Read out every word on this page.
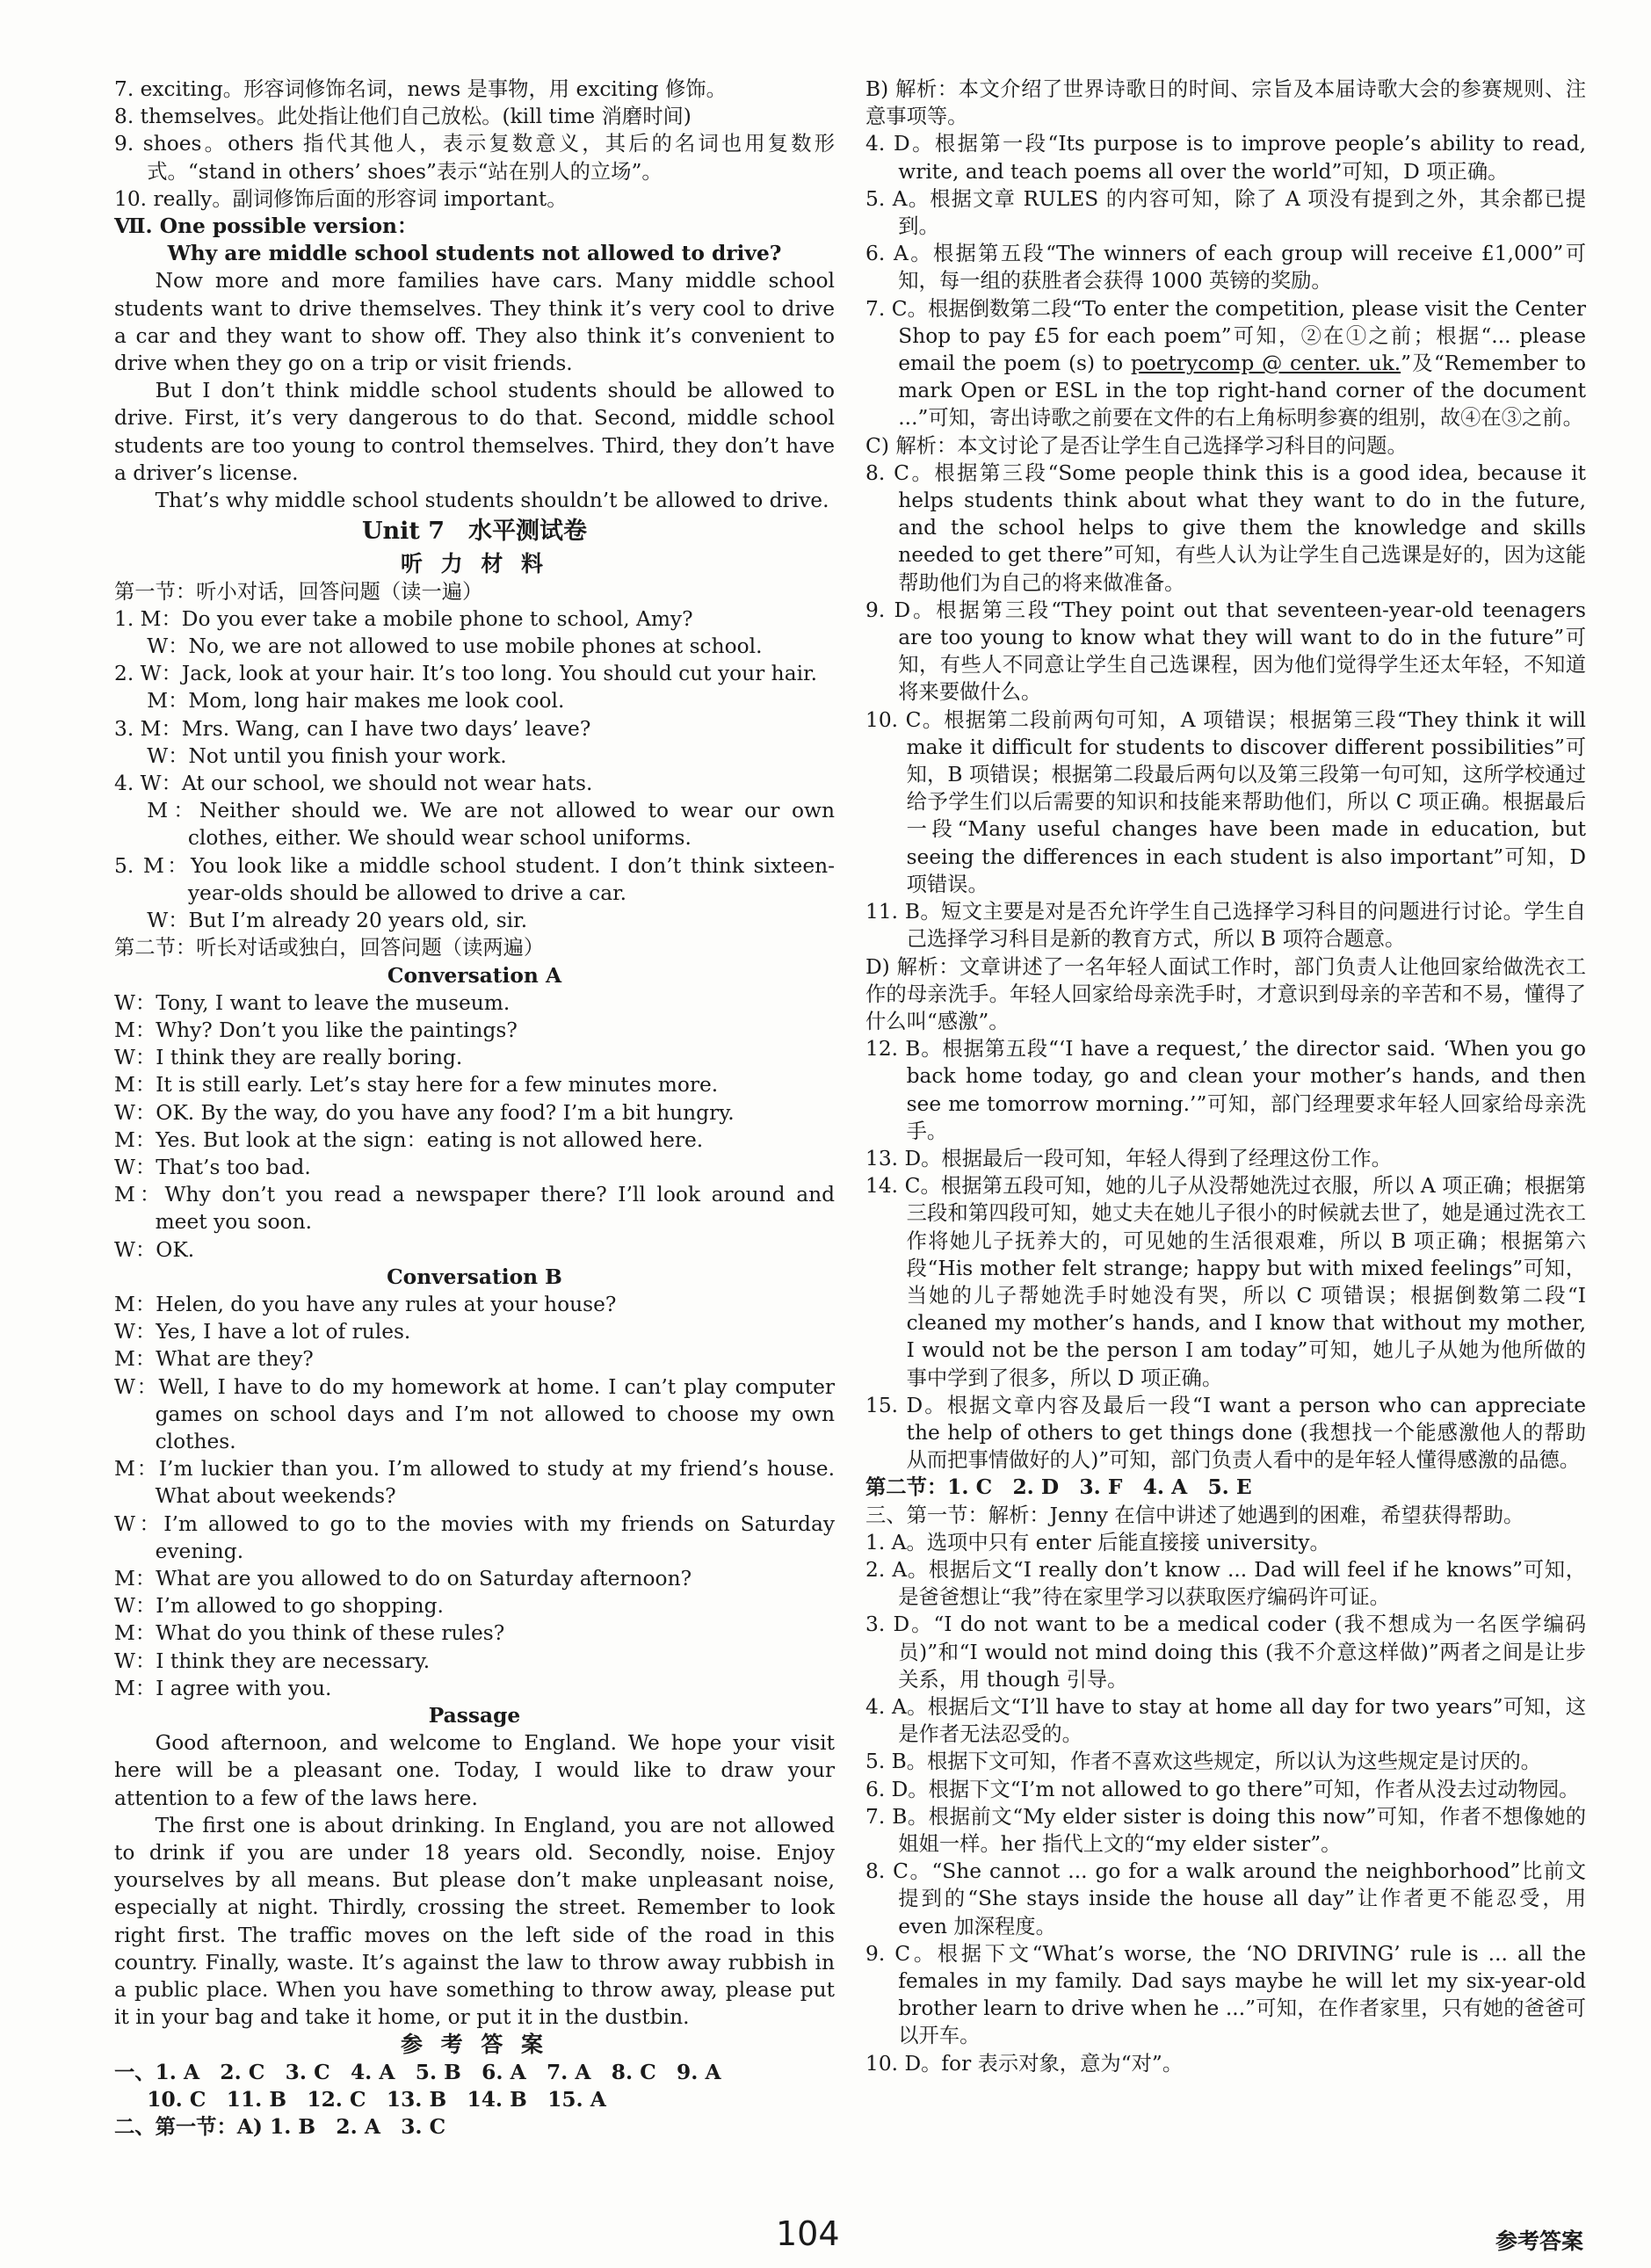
7. exciting。形容词修饰名词，news 是事物，用 exciting 修饰。

8. themselves。此处指让他们自己放松。(kill time 消磨时间)

9. shoes。others 指代其他人，表示复数意义，其后的名词也用复数形式。“stand in others’ shoes”表示“站在别人的立场”。

10. really。副词修饰后面的形容词 important。

Ⅶ. One possible version：

Why are middle school students not allowed to drive?

Now more and more families have cars. Many middle school students want to drive themselves. They think it’s very cool to drive a car and they want to show off. They also think it’s convenient to drive when they go on a trip or visit friends.

But I don’t think middle school students should be allowed to drive. First, it’s very dangerous to do that. Second, middle school students are too young to control themselves. Third, they don’t have a driver’s license.

That’s why middle school students shouldn’t be allowed to drive.

Unit 7　水平测试卷

听 力 材 料

第一节：听小对话，回答问题（读一遍）

1. M：Do you ever take a mobile phone to school, Amy?

W：No, we are not allowed to use mobile phones at school.

2. W：Jack, look at your hair. It’s too long. You should cut your hair.

M：Mom, long hair makes me look cool.

3. M：Mrs. Wang, can I have two days’ leave?

W：Not until you finish your work.

4. W：At our school, we should not wear hats.

M：Neither should we. We are not allowed to wear our own clothes, either. We should wear school uniforms.

5. M：You look like a middle school student. I don’t think sixteen-year-olds should be allowed to drive a car.

W：But I’m already 20 years old, sir.

第二节：听长对话或独白，回答问题（读两遍）

Conversation A

W：Tony, I want to leave the museum.

M：Why? Don’t you like the paintings?

W：I think they are really boring.

M：It is still early. Let’s stay here for a few minutes more.

W：OK. By the way, do you have any food? I’m a bit hungry.

M：Yes. But look at the sign：eating is not allowed here.

W：That’s too bad.

M：Why don’t you read a newspaper there? I’ll look around and meet you soon.

W：OK.

Conversation B

M：Helen, do you have any rules at your house?

W：Yes, I have a lot of rules.

M：What are they?

W：Well, I have to do my homework at home. I can’t play computer games on school days and I’m not allowed to choose my own clothes.

M：I’m luckier than you. I’m allowed to study at my friend’s house. What about weekends?

W：I’m allowed to go to the movies with my friends on Saturday evening.

M：What are you allowed to do on Saturday afternoon?

W：I’m allowed to go shopping.

M：What do you think of these rules?

W：I think they are necessary.

M：I agree with you.

Passage

Good afternoon, and welcome to England. We hope your visit here will be a pleasant one. Today, I would like to draw your attention to a few of the laws here.

The first one is about drinking. In England, you are not allowed to drink if you are under 18 years old. Secondly, noise. Enjoy yourselves by all means. But please don’t make unpleasant noise, especially at night. Thirdly, crossing the street. Remember to look right first. The traffic moves on the left side of the road in this country. Finally, waste. It’s against the law to throw away rubbish in a public place. When you have something to throw away, please put it in your bag and take it home, or put it in the dustbin.

参 考 答 案

一、1. A　2. C　3. C　4. A　5. B　6. A　7. A　8. C　9. A

10. C　11. B　12. C　13. B　14. B　15. A

二、第一节：A) 1. B　2. A　3. C

B) 解析：本文介绍了世界诗歌日的时间、宗旨及本届诗歌大会的参赛规则、注意事项等。

4. D。根据第一段“Its purpose is to improve people’s ability to read, write, and teach poems all over the world”可知，D 项正确。

5. A。根据文章 RULES 的内容可知，除了 A 项没有提到之外，其余都已提到。

6. A。根据第五段“The winners of each group will receive £1,000”可知，每一组的获胜者会获得 1000 英镑的奖励。

7. C。根据倒数第二段“To enter the competition, please visit the Center Shop to pay £5 for each poem”可知，②在①之前；根据“... please email the poem (s) to poetrycomp @ center. uk.”及“Remember to mark Open or ESL in the top right-hand corner of the document ...”可知，寄出诗歌之前要在文件的右上角标明参赛的组别，故④在③之前。

C) 解析：本文讨论了是否让学生自己选择学习科目的问题。

8. C。根据第三段“Some people think this is a good idea, because it helps students think about what they want to do in the future, and the school helps to give them the knowledge and skills needed to get there”可知，有些人认为让学生自己选课是好的，因为这能帮助他们为自己的将来做准备。

9. D。根据第三段“They point out that seventeen-year-old teenagers are too young to know what they will want to do in the future”可知，有些人不同意让学生自己选课程，因为他们觉得学生还太年轻，不知道将来要做什么。

10. C。根据第二段前两句可知，A 项错误；根据第三段“They think it will make it difficult for students to discover different possibilities”可知，B 项错误；根据第二段最后两句以及第三段第一句可知，这所学校通过给予学生们以后需要的知识和技能来帮助他们，所以 C 项正确。根据最后一段“Many useful changes have been made in education, but seeing the differences in each student is also important”可知，D 项错误。

11. B。短文主要是对是否允许学生自己选择学习科目的问题进行讨论。学生自己选择学习科目是新的教育方式，所以 B 项符合题意。

D) 解析：文章讲述了一名年轻人面试工作时，部门负责人让他回家给做洗衣工作的母亲洗手。年轻人回家给母亲洗手时，才意识到母亲的辛苦和不易，懂得了什么叫“感激”。

12. B。根据第五段“‘I have a request,’ the director said. ‘When you go back home today, go and clean your mother’s hands, and then see me tomorrow morning.’”可知，部门经理要求年轻人回家给母亲洗手。

13. D。根据最后一段可知，年轻人得到了经理这份工作。

14. C。根据第五段可知，她的儿子从没帮她洗过衣服，所以 A 项正确；根据第三段和第四段可知，她丈夫在她儿子很小的时候就去世了，她是通过洗衣工作将她儿子抚养大的，可见她的生活很艰难，所以 B 项正确；根据第六段“His mother felt strange; happy but with mixed feelings”可知，当她的儿子帮她洗手时她没有哭，所以 C 项错误；根据倒数第二段“I cleaned my mother’s hands, and I know that without my mother, I would not be the person I am today”可知，她儿子从她为他所做的事中学到了很多，所以 D 项正确。

15. D。根据文章内容及最后一段“I want a person who can appreciate the help of others to get things done (我想找一个能感激他人的帮助从而把事情做好的人)”可知，部门负责人看中的是年轻人懂得感激的品德。

第二节：1. C　2. D　3. F　4. A　5. E

三、第一节：解析：Jenny 在信中讲述了她遇到的困难，希望获得帮助。

1. A。选项中只有 enter 后能直接接 university。

2. A。根据后文“I really don’t know ... Dad will feel if he knows”可知，是爸爸想让“我”待在家里学习以获取医疗编码许可证。

3. D。“I do not want to be a medical coder (我不想成为一名医学编码员)”和“I would not mind doing this (我不介意这样做)”两者之间是让步关系，用 though 引导。

4. A。根据后文“I’ll have to stay at home all day for two years”可知，这是作者无法忍受的。

5. B。根据下文可知，作者不喜欢这些规定，所以认为这些规定是讨厌的。

6. D。根据下文“I’m not allowed to go there”可知，作者从没去过动物园。

7. B。根据前文“My elder sister is doing this now”可知，作者不想像她的姐姐一样。her 指代上文的“my elder sister”。

8. C。“She cannot ... go for a walk around the neighborhood”比前文提到的“She stays inside the house all day”让作者更不能忍受，用 even 加深程度。

9. C。根据下文“What’s worse, the ‘NO DRIVING’ rule is ... all the females in my family. Dad says maybe he will let my six-year-old brother learn to drive when he ...”可知，在作者家里，只有她的爸爸可以开车。

10. D。for 表示对象，意为“对”。

104	参考答案
